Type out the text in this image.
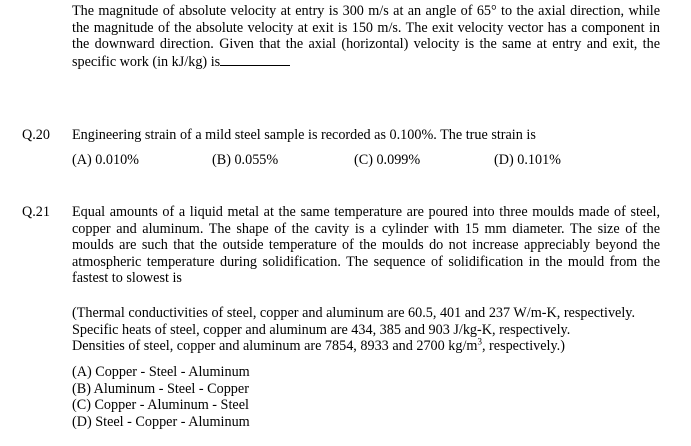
The magnitude of absolute velocity at entry is 300 m/s at an angle of 65° to the axial direction, while the magnitude of the absolute velocity at exit is 150 m/s. The exit velocity vector has a component in the downward direction. Given that the axial (horizontal) velocity is the same at entry and exit, the specific work (in kJ/kg) is
Q.20 Engineering strain of a mild steel sample is recorded as 0.100%. The true strain is
(A) 0.010%	(B) 0.055%	(C) 0.099%	(D) 0.101%
Q.21 Equal amounts of a liquid metal at the same temperature are poured into three moulds made of steel, copper and aluminum. The shape of the cavity is a cylinder with 15 mm diameter. The size of the moulds are such that the outside temperature of the moulds do not increase appreciably beyond the atmospheric temperature during solidification. The sequence of solidification in the mould from the fastest to slowest is
(Thermal conductivities of steel, copper and aluminum are 60.5, 401 and 237 W/m-K, respectively.
Specific heats of steel, copper and aluminum are 434, 385 and 903 J/kg-K, respectively.
Densities of steel, copper and aluminum are 7854, 8933 and 2700 $kg/m^3$, respectively.)
(A) Copper - Steel - Aluminum
(B) Aluminum - Steel - Copper
(C) Copper - Aluminum - Steel
(D) Steel - Copper - Aluminum
